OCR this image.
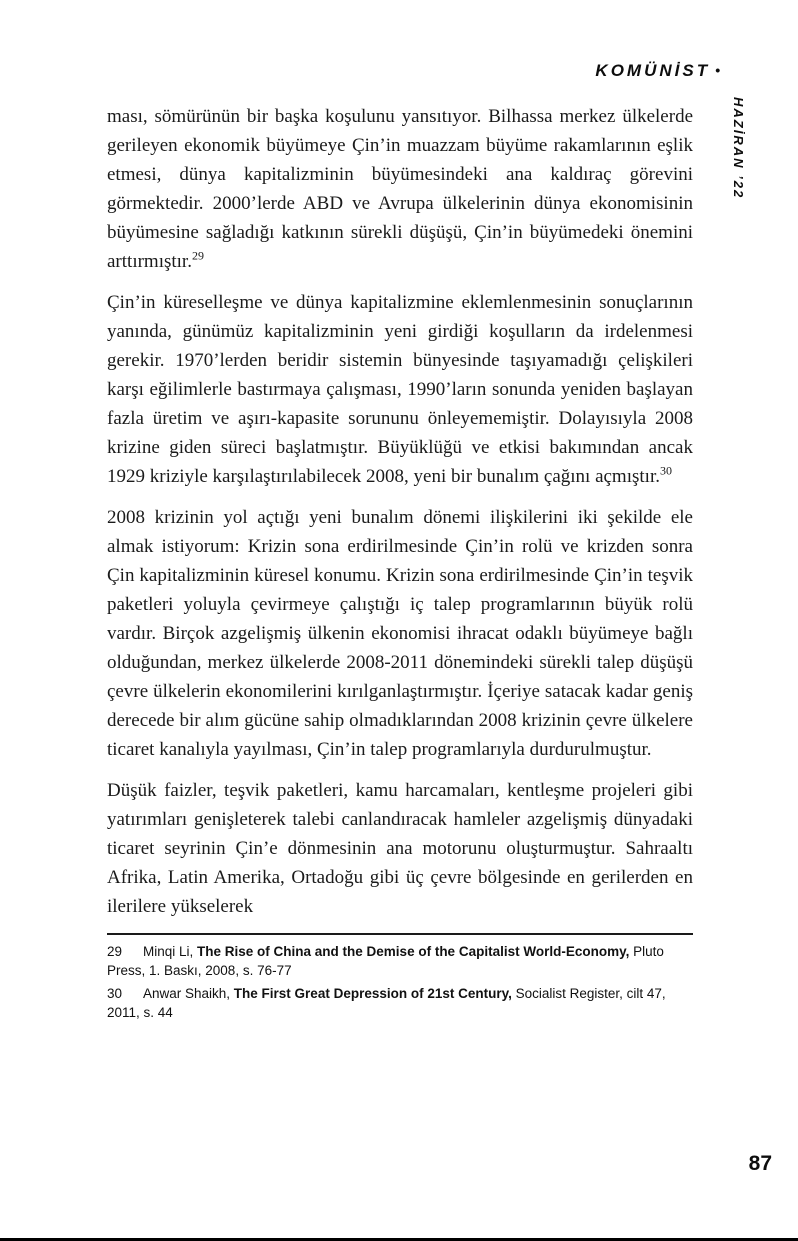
KOMÜNİST •
HAZİRAN ’22

ması, sömürünün bir başka koşulunu yansıtıyor. Bilhassa merkez ülkelerde gerileyen ekonomik büyümeye Çin’in muazzam büyüme rakamlarının eşlik etmesi, dünya kapitalizminin büyümesindeki ana kaldıraç görevini görmektedir. 2000’lerde ABD ve Avrupa ülkelerinin dünya ekonomisinin büyümesine sağladığı katkının sürekli düşüşü, Çin’in büyümedeki önemini arttırmıştır.$^{29}$

Çin’in küreselleşme ve dünya kapitalizmine eklemlenmesinin sonuçlarının yanında, günümüz kapitalizminin yeni girdiği koşulların da irdelenmesi gerekir. 1970’lerden beridir sistemin bünyesinde taşıyamadığı çelişkileri karşı eğilimlerle bastırmaya çalışması, 1990’ların sonunda yeniden başlayan fazla üretim ve aşırı-kapasite sorununu önleyememiştir. Dolayısıyla 2008 krizine giden süreci başlatmıştır. Büyüklüğü ve etkisi bakımından ancak 1929 kriziyle karşılaştırılabilecek 2008, yeni bir bunalım çağını açmıştır.$^{30}$

2008 krizinin yol açtığı yeni bunalım dönemi ilişkilerini iki şekilde ele almak istiyorum: Krizin sona erdirilmesinde Çin’in rolü ve krizden sonra Çin kapitalizminin küresel konumu. Krizin sona erdirilmesinde Çin’in teşvik paketleri yoluyla çevirmeye çalıştığı iç talep programlarının büyük rolü vardır. Birçok azgelişmiş ülkenin ekonomisi ihracat odaklı büyümeye bağlı olduğundan, merkez ülkelerde 2008-2011 dönemindeki sürekli talep düşüşü çevre ülkelerin ekonomilerini kırılganlaştırmıştır. İçeriye satacak kadar geniş derecede bir alım gücüne sahip olmadıklarından 2008 krizinin çevre ülkelere ticaret kanalıyla yayılması, Çin’in talep programlarıyla durdurulmuştur.

Düşük faizler, teşvik paketleri, kamu harcamaları, kentleşme projeleri gibi yatırımları genişleterek talebi canlandıracak hamleler azgelişmiş dünyadaki ticaret seyrinin Çin’e dönmesinin ana motorunu oluşturmuştur. Sahraaltı Afrika, Latin Amerika, Ortadoğu gibi üç çevre bölgesinde en gerilerden en ilerilere yükselerek

29 Minqi Li, The Rise of China and the Demise of the Capitalist World-Economy, Pluto Press, 1. Baskı, 2008, s. 76-77

30 Anwar Shaikh, The First Great Depression of 21st Century, Socialist Register, cilt 47, 2011, s. 44

87
